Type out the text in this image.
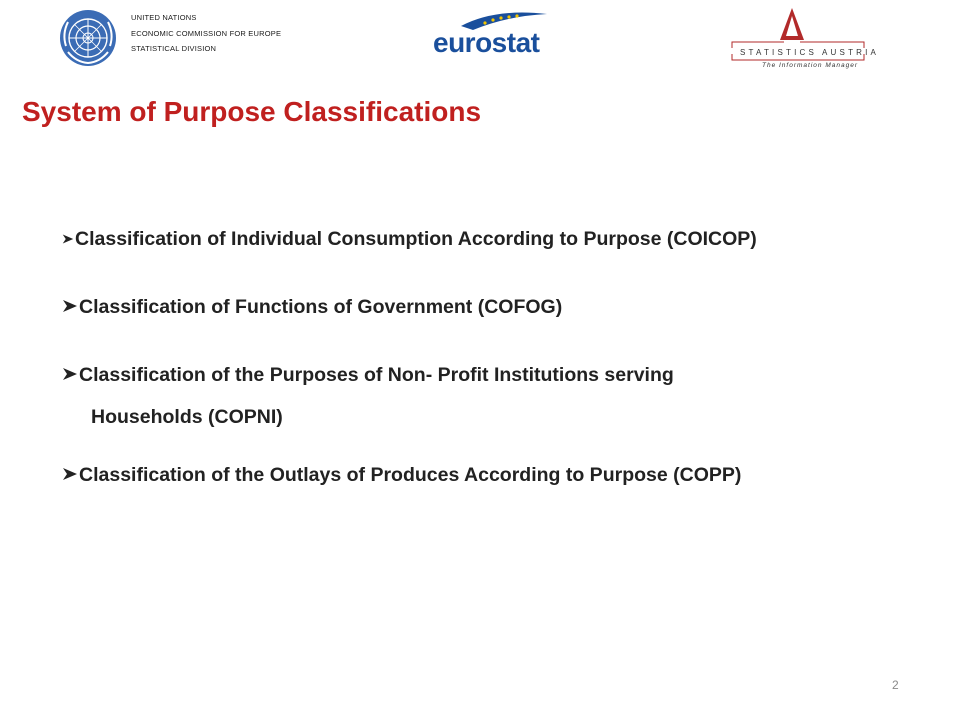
UNITED NATIONS
ECONOMIC COMMISSION FOR EUROPE
STATISTICAL DIVISION	eurostat	STATISTICS AUSTRIA
The Information Manager
System of Purpose Classifications
Classification of Individual Consumption According to Purpose (COICOP)
Classification of Functions of Government (COFOG)
Classification of the Purposes of Non- Profit Institutions serving
Households (COPNI)
Classification of the Outlays of Produces According to Purpose (COPP)
2
